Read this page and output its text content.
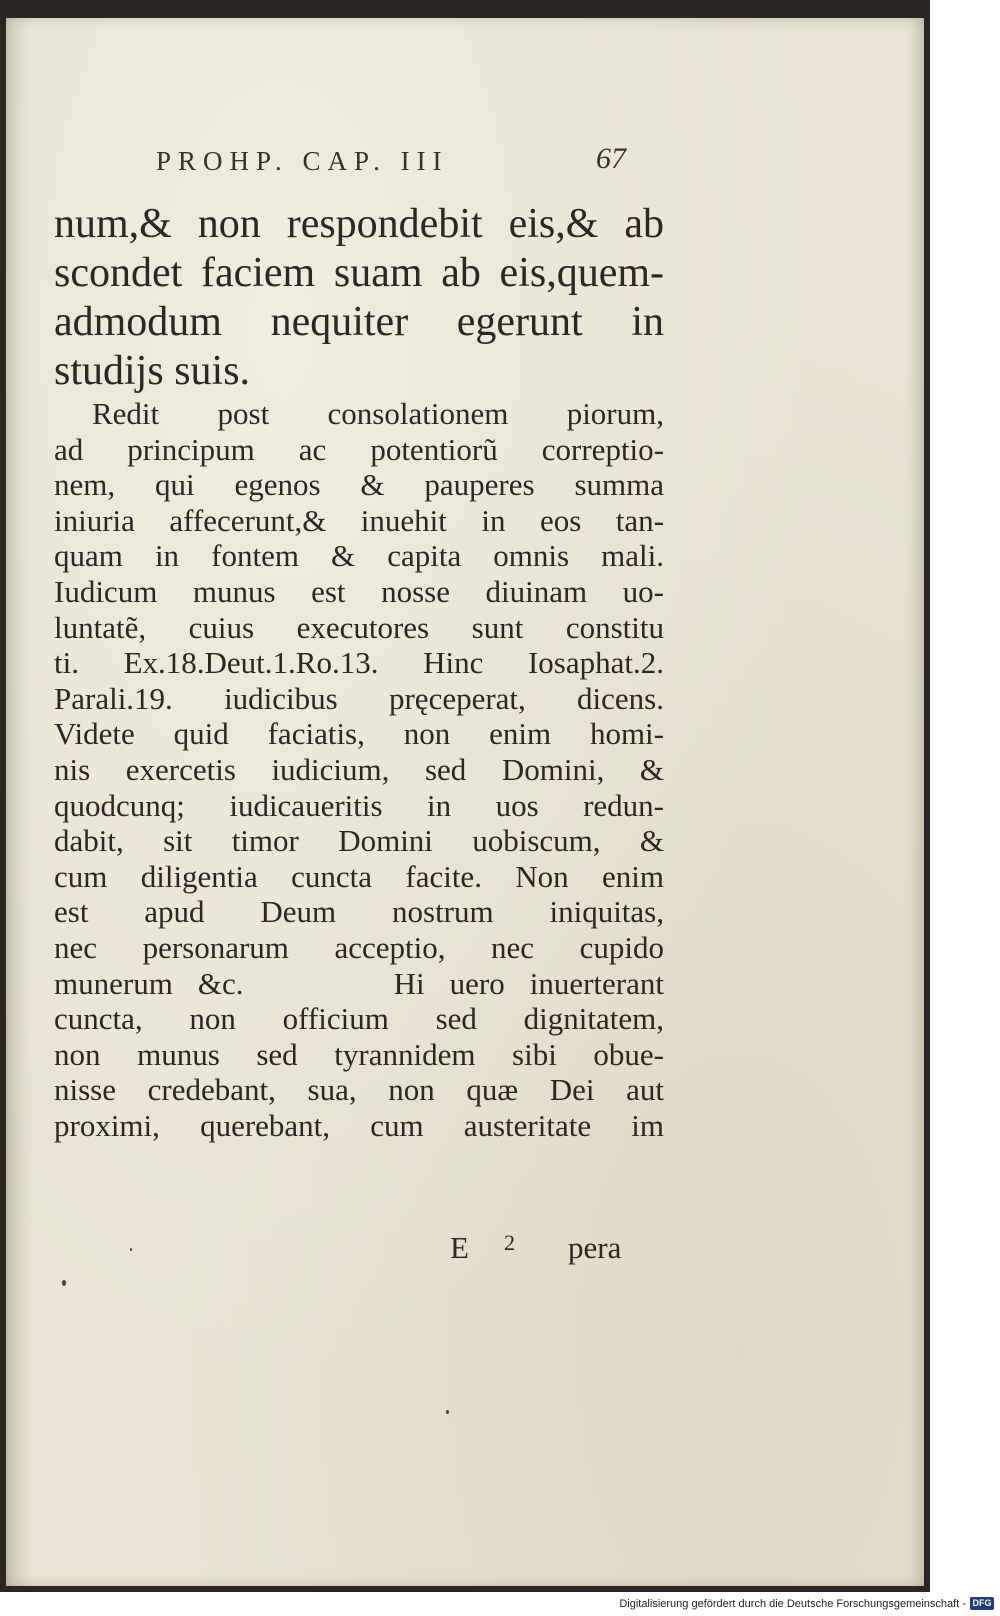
PROHP. CAP. III	67
num,& non respondebit eis,& ab
scondet faciem suam ab eis,quem-
admodum nequiter egerunt in
studijs suis.
Redit post consolationem piorum,
ad principum ac potentiorũ correptio-
nem, qui egenos & pauperes summa
iniuria affecerunt,& inuehit in eos tan-
quam in fontem & capita omnis mali.
Iudicum munus est nosse diuinam uo-
luntatẽ, cuius executores sunt constitu
ti. Ex.18.Deut.1.Ro.13. Hinc Iosaphat.2.
Parali.19. iudicibus pręceperat, dicens.
Videte quid faciatis, non enim homi-
nis exercetis iudicium, sed Domini, &
quodcunq; iudicaueritis in uos redun-
dabit, sit timor Domini uobiscum, &
cum diligentia cuncta facite. Non enim
est apud Deum nostrum iniquitas,
nec personarum acceptio, nec cupido
munerum &c.      Hi uero inuerterant
cuncta, non officium sed dignitatem,
non munus sed tyrannidem sibi obue-
nisse credebant, sua, non quæ Dei aut
proximi, querebant, cum austeritate im
E 2 pera
Digitalisierung gefördert durch die Deutsche Forschungsgemeinschaft - DFG
